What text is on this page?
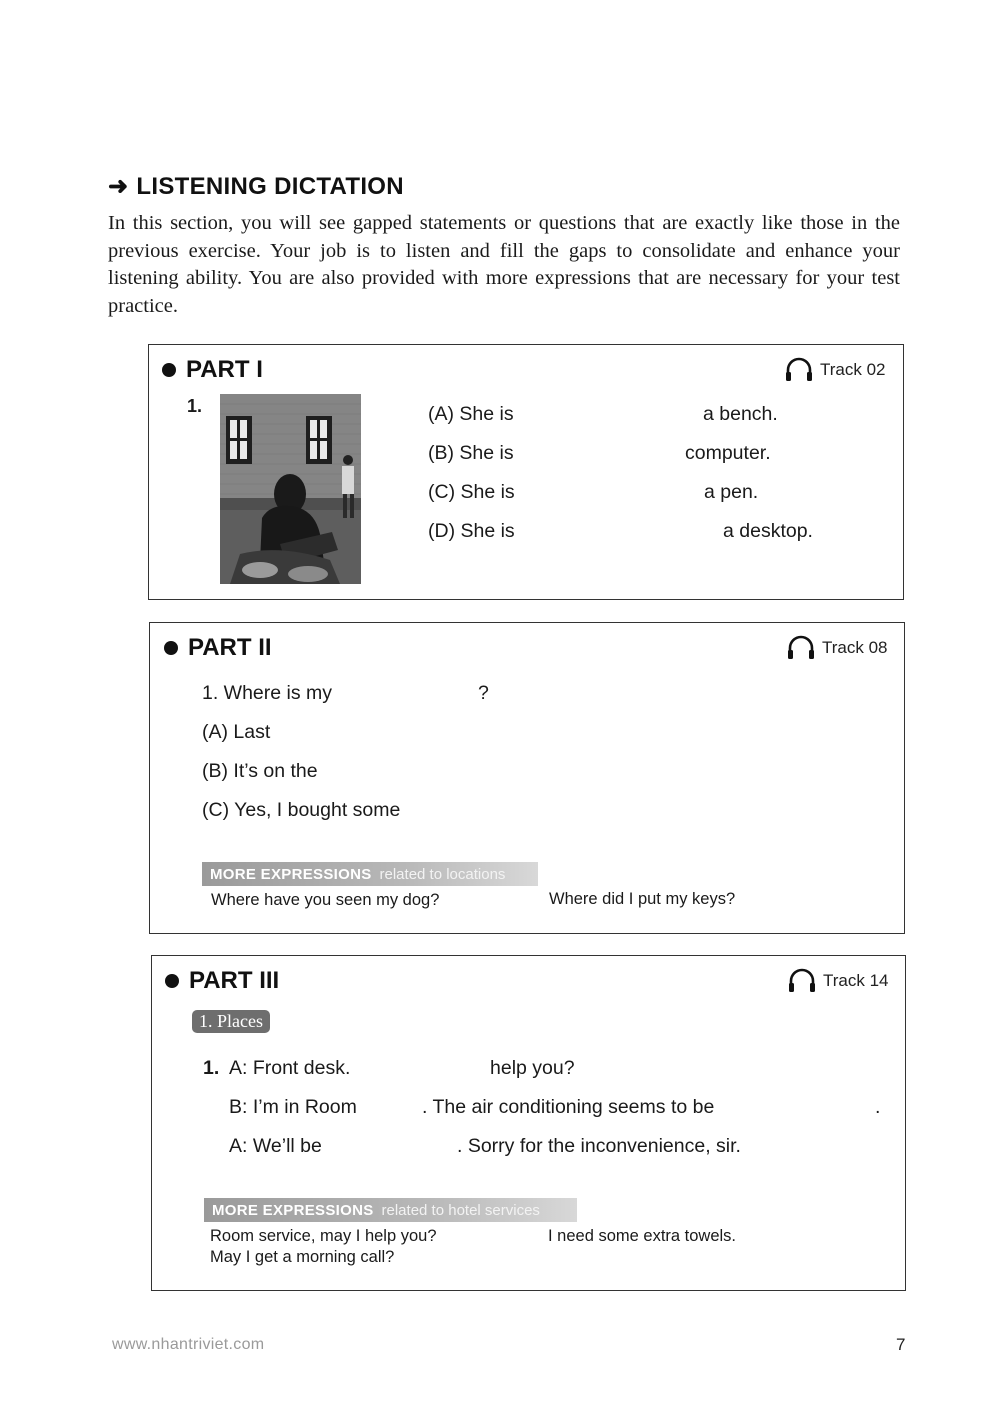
➜ LISTENING DICTATION
In this section, you will see gapped statements or questions that are exactly like those in the previous exercise. Your job is to listen and fill the gaps to consolidate and enhance your listening ability. You are also provided with more expressions that are necessary for your test practice.
PART I	Track 02
1.	(A) She is	a bench.
(B) She is	computer.
(C) She is	a pen.
(D) She is	a desktop.
PART II	Track 08
1. Where is my	?
(A) Last
(B) It’s on the
(C) Yes, I bought some
MORE EXPRESSIONS related to locations
Where have you seen my dog?	Where did I put my keys?
PART III	Track 14
1. Places
1. A: Front desk.	help you?
B: I’m in Room	. The air conditioning seems to be	.
A: We’ll be	. Sorry for the inconvenience, sir.
MORE EXPRESSIONS related to hotel services
Room service, may I help you?	I need some extra towels.
May I get a morning call?
www.nhantriviet.com	7
